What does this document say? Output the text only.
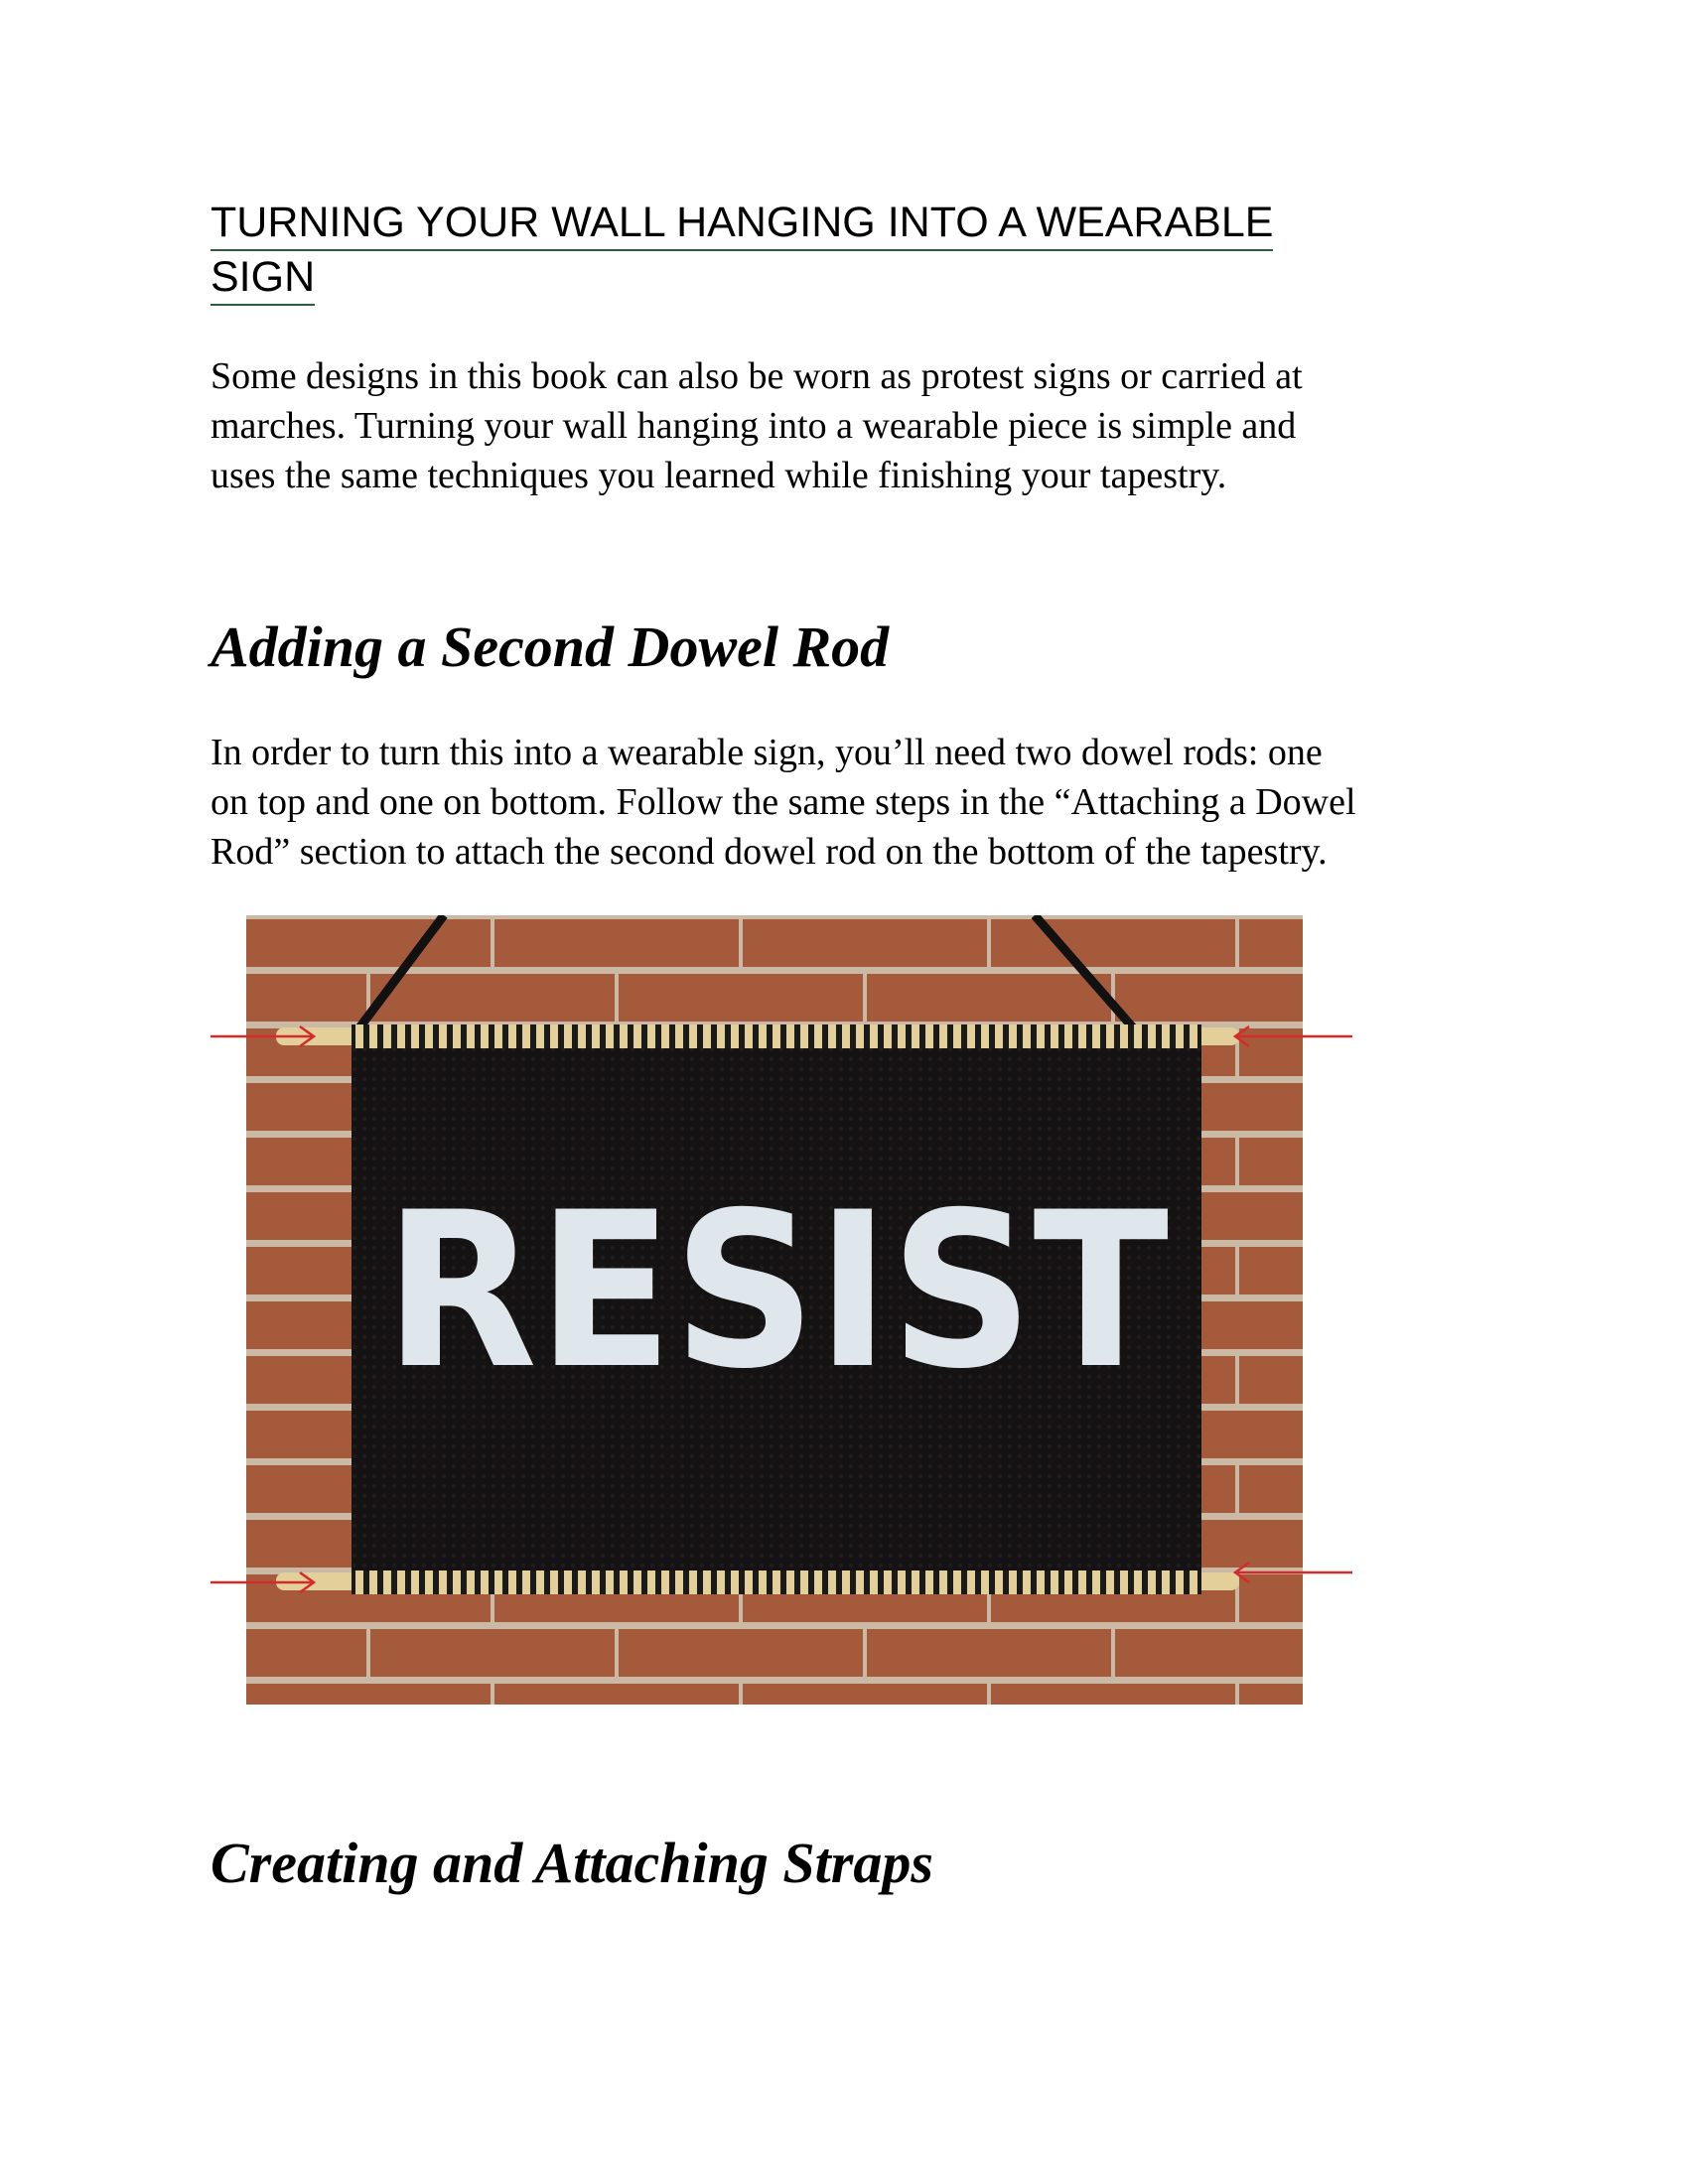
TURNING YOUR WALL HANGING INTO A WEARABLE
SIGN

Some designs in this book can also be worn as protest signs or carried at
marches. Turning your wall hanging into a wearable piece is simple and
uses the same techniques you learned while finishing your tapestry.

Adding a Second Dowel Rod

In order to turn this into a wearable sign, you’ll need two dowel rods: one
on top and one on bottom. Follow the same steps in the “Attaching a Dowel
Rod” section to attach the second dowel rod on the bottom of the tapestry.

RESIST
Creating and Attaching Straps
